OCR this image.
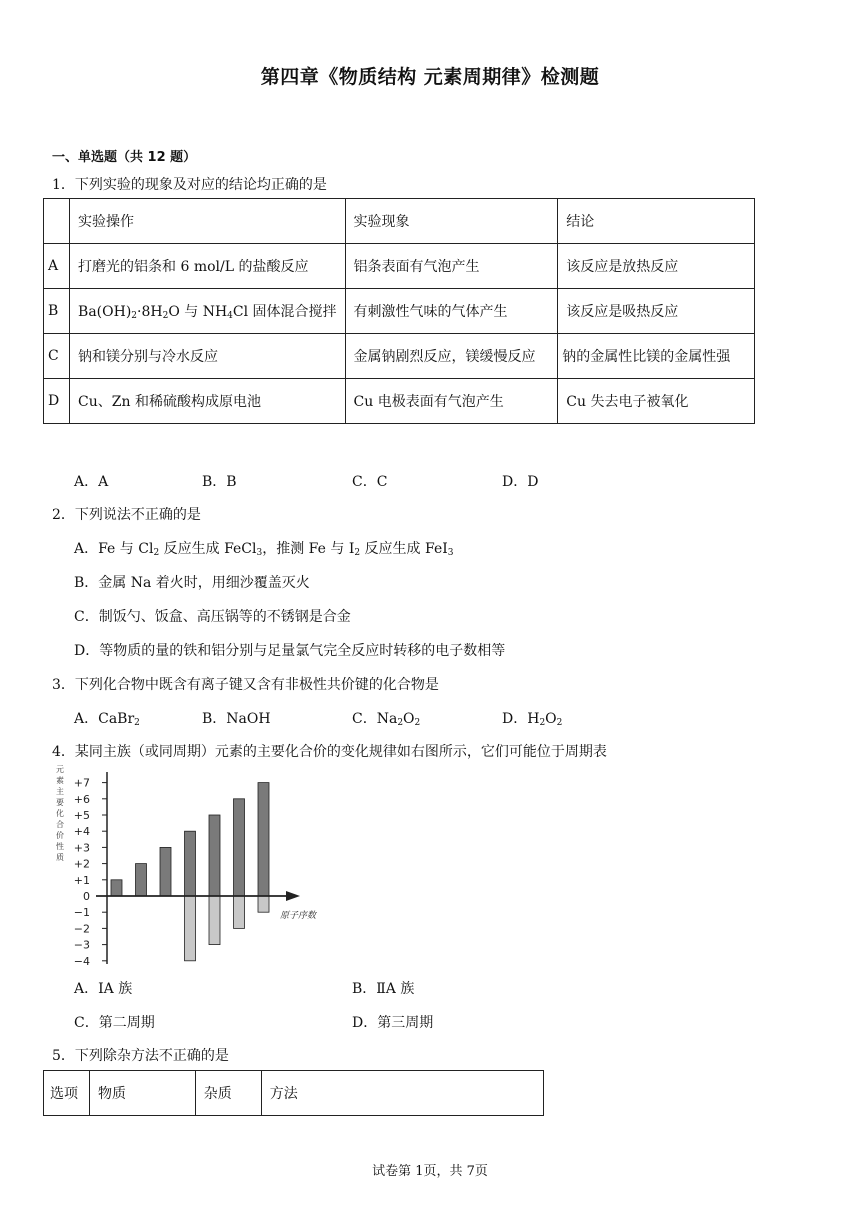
第四章《物质结构 元素周期律》检测题
一、单选题（共 12 题）
1．下列实验的现象及对应的结论均正确的是
	实验操作	实验现象	结论
A	打磨光的铝条和 6 mol/L 的盐酸反应	铝条表面有气泡产生	该反应是放热反应
B	$Ba(OH)_2\cdot 8H_2O$ 与 $NH_4Cl$ 固体混合搅拌	有刺激性气味的气体产生	该反应是吸热反应
C	钠和镁分别与冷水反应	金属钠剧烈反应，镁缓慢反应	钠的金属性比镁的金属性强
D	Cu、Zn 和稀硫酸构成原电池	Cu 电极表面有气泡产生	Cu 失去电子被氧化
A．A	B．B	C．C	D．D
2．下列说法不正确的是
A．Fe 与 $Cl_2$ 反应生成 FeCl$_3$，推测 Fe 与 $I_2$ 反应生成 FeI$_3$
B．金属 Na 着火时，用细沙覆盖灭火
C．制饭勺、饭盒、高压锅等的不锈钢是合金
D．等物质的量的铁和铝分别与足量氯气完全反应时转移的电子数相等
3．下列化合物中既含有离子键又含有非极性共价键的化合物是
A．CaBr$_2$	B．NaOH	C．$Na_2O_2$	D．$H_2O_2$
4．某同主族（或同周期）元素的主要化合价的变化规律如右图所示，它们可能位于周期表
元
素
主
要
化
合
价
性
质
+7
+6
+5
+4
+3
+2
+1
0
−1
−2
−3
−4
原子序数
A．ⅠA 族	B．ⅡA 族
C．第二周期	D．第三周期
5．下列除杂方法不正确的是
选项	物质	杂质	方法
试卷第 1页，共 7页
